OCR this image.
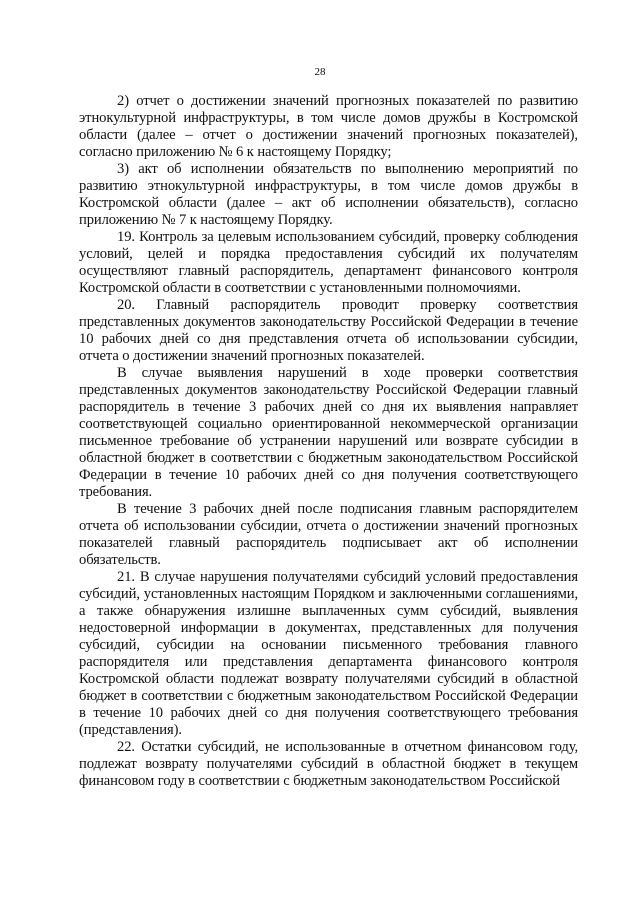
28

2) отчет о достижении значений прогнозных показателей по развитию этнокультурной инфраструктуры, в том числе домов дружбы в Костромской области (далее – отчет о достижении значений прогнозных показателей), согласно приложению № 6 к настоящему Порядку;

3) акт об исполнении обязательств по выполнению мероприятий по развитию этнокультурной инфраструктуры, в том числе домов дружбы в Костромской области (далее – акт об исполнении обязательств), согласно приложению № 7 к настоящему Порядку.

19. Контроль за целевым использованием субсидий, проверку соблюдения условий, целей и порядка предоставления субсидий их получателям осуществляют главный распорядитель, департамент финансового контроля Костромской области в соответствии с установленными полномочиями.

20. Главный распорядитель проводит проверку соответствия представленных документов законодательству Российской Федерации в течение 10 рабочих дней со дня представления отчета об использовании субсидии, отчета о достижении значений прогнозных показателей.

В случае выявления нарушений в ходе проверки соответствия представленных документов законодательству Российской Федерации главный распорядитель в течение 3 рабочих дней со дня их выявления направляет соответствующей социально ориентированной некоммерческой организации письменное требование об устранении нарушений или возврате субсидии в областной бюджет в соответствии с бюджетным законодательством Российской Федерации в течение 10 рабочих дней со дня получения соответствующего требования.

В течение 3 рабочих дней после подписания главным распорядителем отчета об использовании субсидии, отчета о достижении значений прогнозных показателей главный распорядитель подписывает акт об исполнении обязательств.

21. В случае нарушения получателями субсидий условий предоставления субсидий, установленных настоящим Порядком и заключенными соглашениями, а также обнаружения излишне выплаченных сумм субсидий, выявления недостоверной информации в документах, представленных для получения субсидий, субсидии на основании письменного требования главного распорядителя или представления департамента финансового контроля Костромской области подлежат возврату получателями субсидий в областной бюджет в соответствии с бюджетным законодательством Российской Федерации в течение 10 рабочих дней со дня получения соответствующего требования (представления).

22. Остатки субсидий, не использованные в отчетном финансовом году, подлежат возврату получателями субсидий в областной бюджет в текущем финансовом году в соответствии с бюджетным законодательством Российской
